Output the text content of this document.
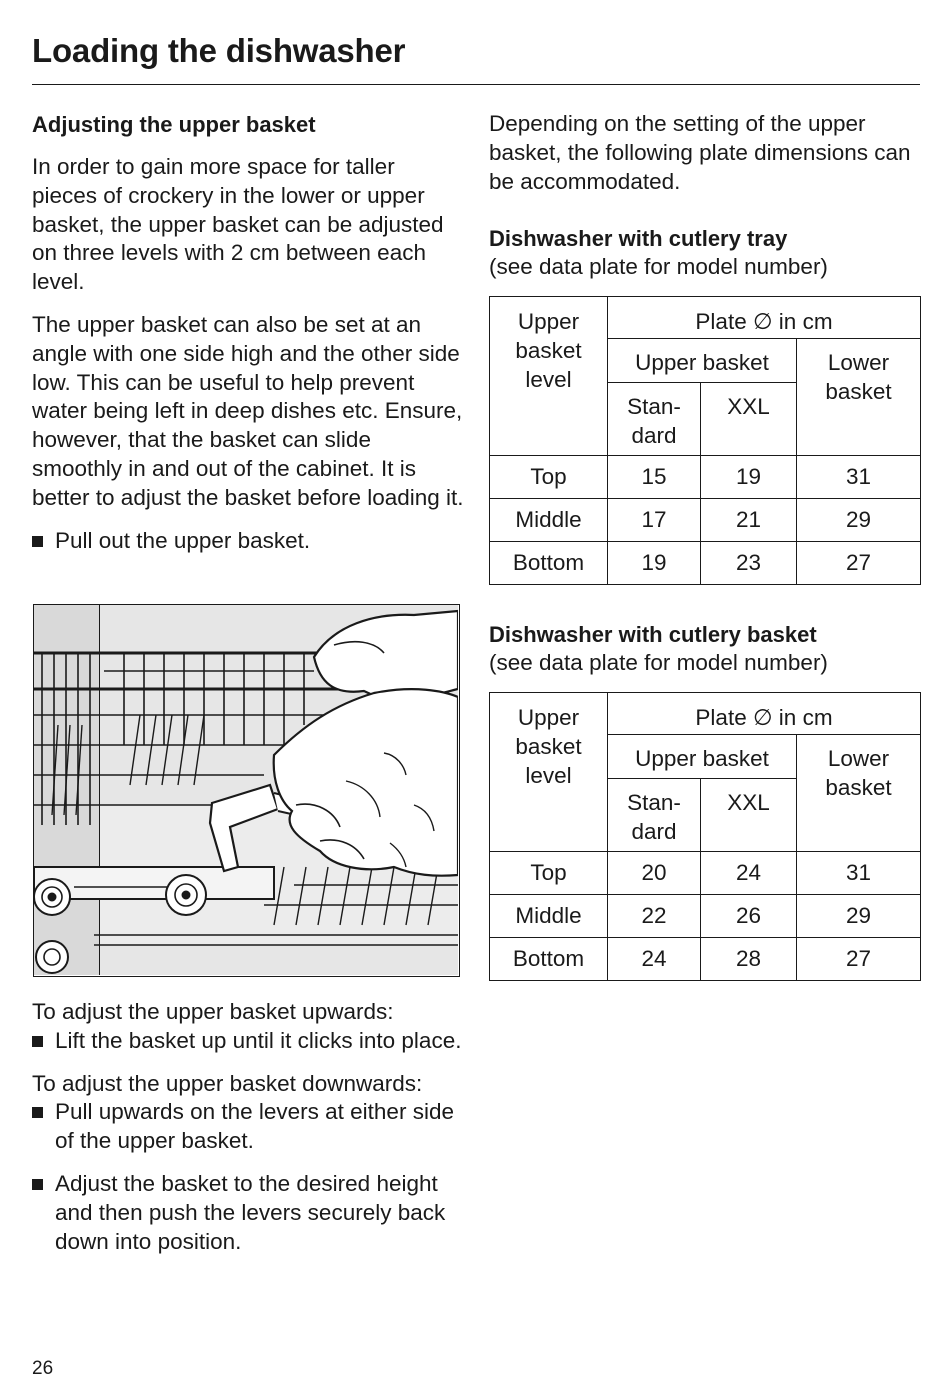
Loading the dishwasher

Adjusting the upper basket

In order to gain more space for taller pieces of crockery in the lower or upper basket, the upper basket can be adjusted on three levels with 2 cm between each level.

The upper basket can also be set at an angle with one side high and the other side low. This can be useful to help prevent water being left in deep dishes etc. Ensure, however, that the basket can slide smoothly in and out of the cabinet. It is better to adjust the basket before loading it.

Pull out the upper basket.

To adjust the upper basket upwards:

Lift the basket up until it clicks into place.

To adjust the upper basket downwards:

Pull upwards on the levers at either side of the upper basket.
Adjust the basket to the desired height and then push the levers securely back down into position.

Depending on the setting of the upper basket, the following plate dimensions can be accommodated.

Dishwasher with cutlery tray

(see data plate for model number)

Upper basket level	Plate ∅ in cm		
	Upper basket		Lower basket
	Stan-dard	XXL	
Top	15	19	31
Middle	17	21	29
Bottom	19	23	27

Dishwasher with cutlery basket

(see data plate for model number)

Upper basket level	Plate ∅ in cm		
	Upper basket		Lower basket
	Stan-dard	XXL	
Top	20	24	31
Middle	22	26	29
Bottom	24	28	27
26
